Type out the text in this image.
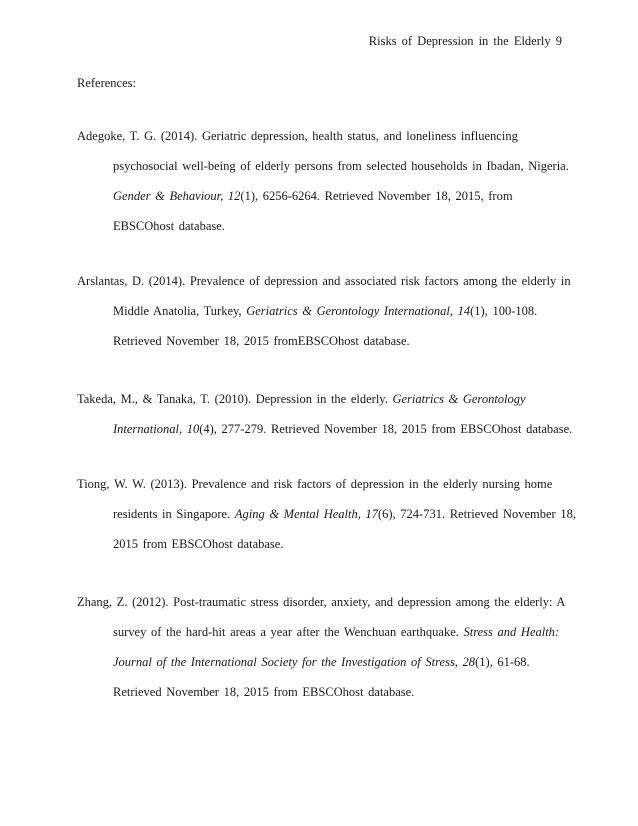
Risks of Depression in the Elderly 9
References:
Adegoke, T. G. (2014). Geriatric depression, health status, and loneliness influencing
psychosocial well-being of elderly persons from selected households in Ibadan, Nigeria.
Gender & Behaviour, 12(1), 6256-6264. Retrieved November 18, 2015, from
EBSCOhost database.
Arslantas, D. (2014). Prevalence of depression and associated risk factors among the elderly in
Middle Anatolia, Turkey, Geriatrics & Gerontology International, 14(1), 100-108.
Retrieved November 18, 2015 fromEBSCOhost database.
Takeda, M., & Tanaka, T. (2010). Depression in the elderly. Geriatrics & Gerontology
International, 10(4), 277-279. Retrieved November 18, 2015 from EBSCOhost database.
Tiong, W. W. (2013). Prevalence and risk factors of depression in the elderly nursing home
residents in Singapore. Aging & Mental Health, 17(6), 724-731. Retrieved November 18,
2015 from EBSCOhost database.
Zhang, Z. (2012). Post-traumatic stress disorder, anxiety, and depression among the elderly: A
survey of the hard-hit areas a year after the Wenchuan earthquake. Stress and Health:
Journal of the International Society for the Investigation of Stress, 28(1), 61-68.
Retrieved November 18, 2015 from EBSCOhost database.
